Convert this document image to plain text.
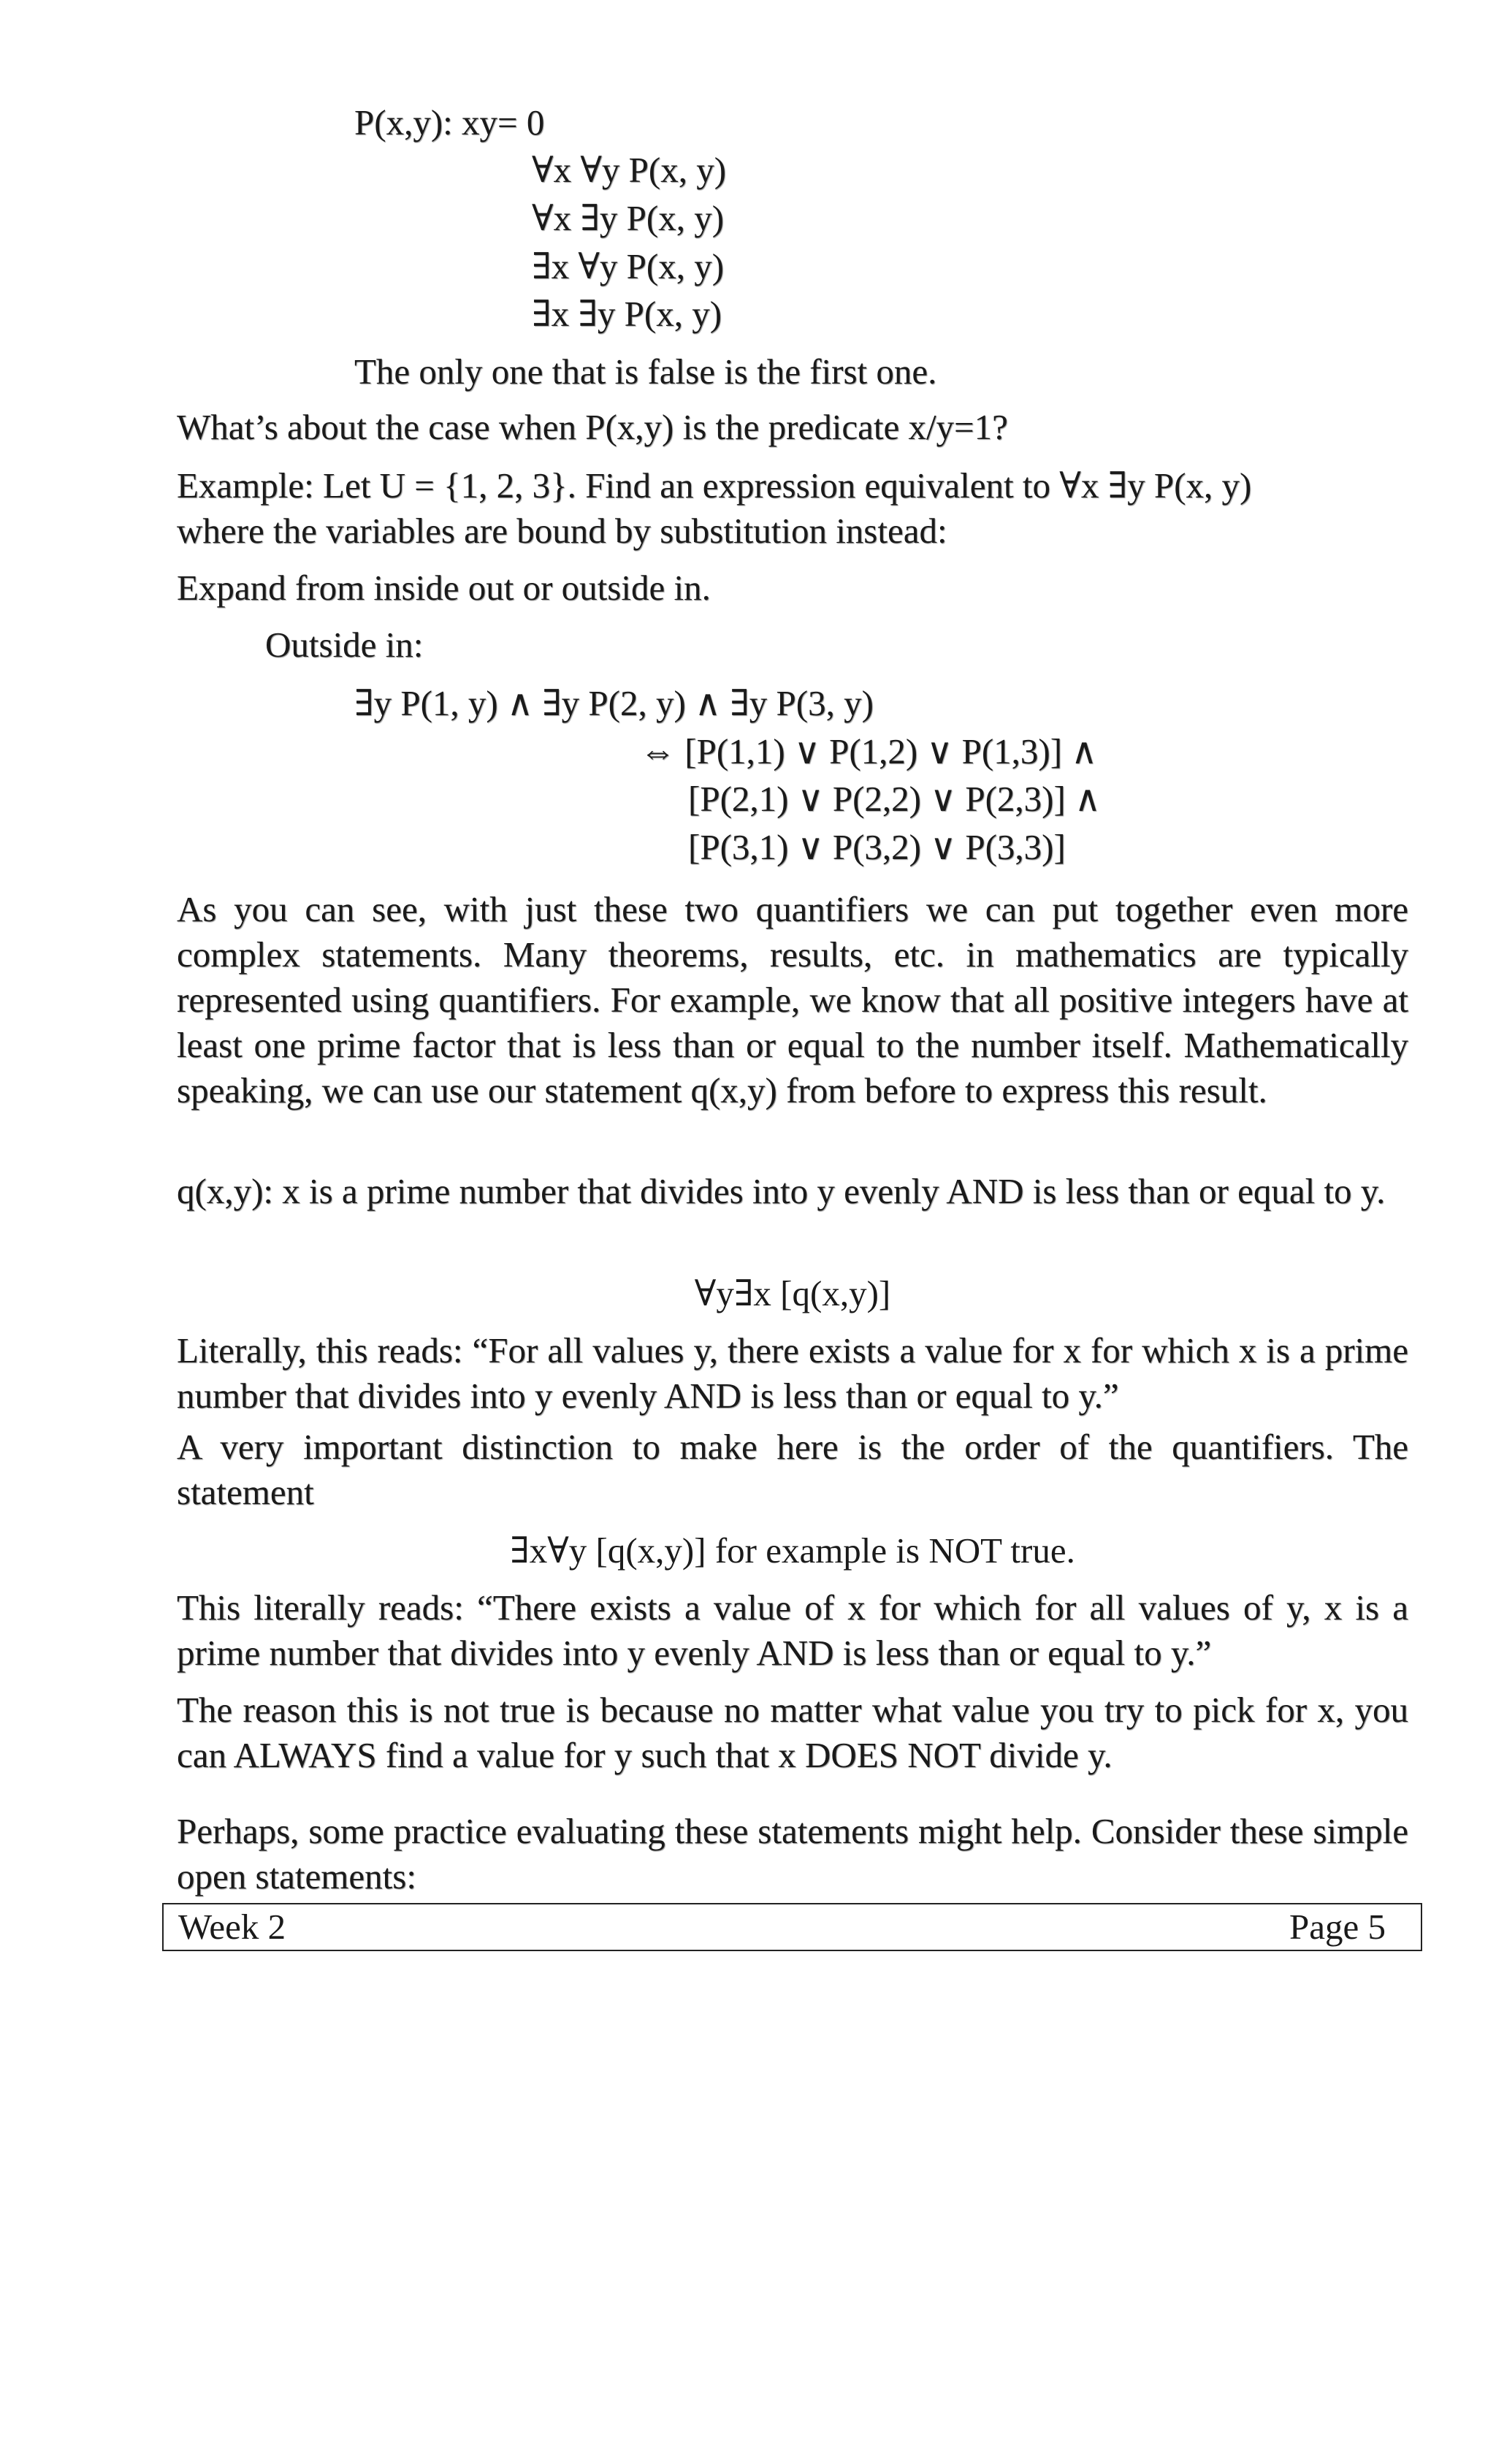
P(x,y): xy= 0
∀x ∀y P(x, y)
∀x ∃y P(x, y)
∃x ∀y P(x, y)
∃x ∃y P(x, y)
The only one that is false is the first one.
What’s about the case when P(x,y) is the predicate x/y=1?
Example: Let U = {1, 2, 3}. Find an expression equivalent to ∀x ∃y P(x, y)
where the variables are bound by substitution instead:
Expand from inside out or outside in.
Outside in:
∃y P(1, y) ∧ ∃y P(2, y) ∧ ∃y P(3, y)
⇔ [P(1,1) ∨ P(1,2) ∨ P(1,3)] ∧
[P(2,1) ∨ P(2,2) ∨ P(2,3)] ∧
[P(3,1) ∨ P(3,2) ∨ P(3,3)]
As you can see, with just these two quantifiers we can put together even more complex statements. Many theorems, results, etc. in mathematics are typically represented using quantifiers. For example, we know that all positive integers have at least one prime factor that is less than or equal to the number itself. Mathematically speaking, we can use our statement q(x,y) from before to express this result.
q(x,y): x is a prime number that divides into y evenly AND is less than or equal to y.
∀y∃x [q(x,y)]
Literally, this reads: “For all values y, there exists a value for x for which x is a prime number that divides into y evenly AND is less than or equal to y.”
A very important distinction to make here is the order of the quantifiers. The statement
∃x∀y [q(x,y)] for example is NOT true.
This literally reads: “There exists a value of x for which for all values of y, x is a prime number that divides into y evenly AND is less than or equal to y.”
The reason this is not true is because no matter what value you try to pick for x, you can ALWAYS find a value for y such that x DOES NOT divide y.
Perhaps, some practice evaluating these statements might help. Consider these simple open statements:
Week 2	Page 5
